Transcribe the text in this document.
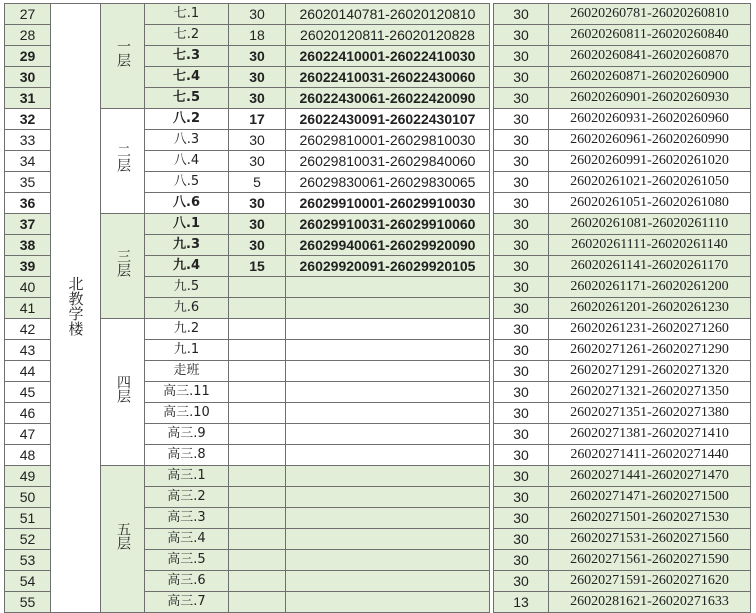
27	北教学楼	一层	七.1	30	26020140781-26020120810		30	26020260781-26020260810
28			七.2	18	26020120811-26020120828		30	26020260811-26020260840
29			七.3	30	26022410001-26022410030		30	26020260841-26020260870
30			七.4	30	26022410031-26022430060		30	26020260871-26020260900
31			七.5	30	26022430061-26022420090		30	26020260901-26020260930
32		二层	八.2	17	26022430091-26022430107		30	26020260931-26020260960
33			八.3	30	26029810001-26029810030		30	26020260961-26020260990
34			八.4	30	26029810031-26029840060		30	26020260991-26020261020
35			八.5	5	26029830061-26029830065		30	26020261021-26020261050
36			八.6	30	26029910001-26029910030		30	26020261051-26020261080
37		三层	八.1	30	26029910031-26029910060		30	26020261081-26020261110
38			九.3	30	26029940061-26029920090		30	26020261111-26020261140
39			九.4	15	26029920091-26029920105		30	26020261141-26020261170
40			九.5				30	26020261171-26020261200
41			九.6				30	26020261201-26020261230
42		四层	九.2				30	26020261231-26020271260
43			九.1				30	26020271261-26020271290
44			走班				30	26020271291-26020271320
45			高三.11				30	26020271321-26020271350
46			高三.10				30	26020271351-26020271380
47			高三.9				30	26020271381-26020271410
48			高三.8				30	26020271411-26020271440
49		五层	高三.1				30	26020271441-26020271470
50			高三.2				30	26020271471-26020271500
51			高三.3				30	26020271501-26020271530
52			高三.4				30	26020271531-26020271560
53			高三.5				30	26020271561-26020271590
54			高三.6				30	26020271591-26020271620
55			高三.7				13	26020281621-26020271633
